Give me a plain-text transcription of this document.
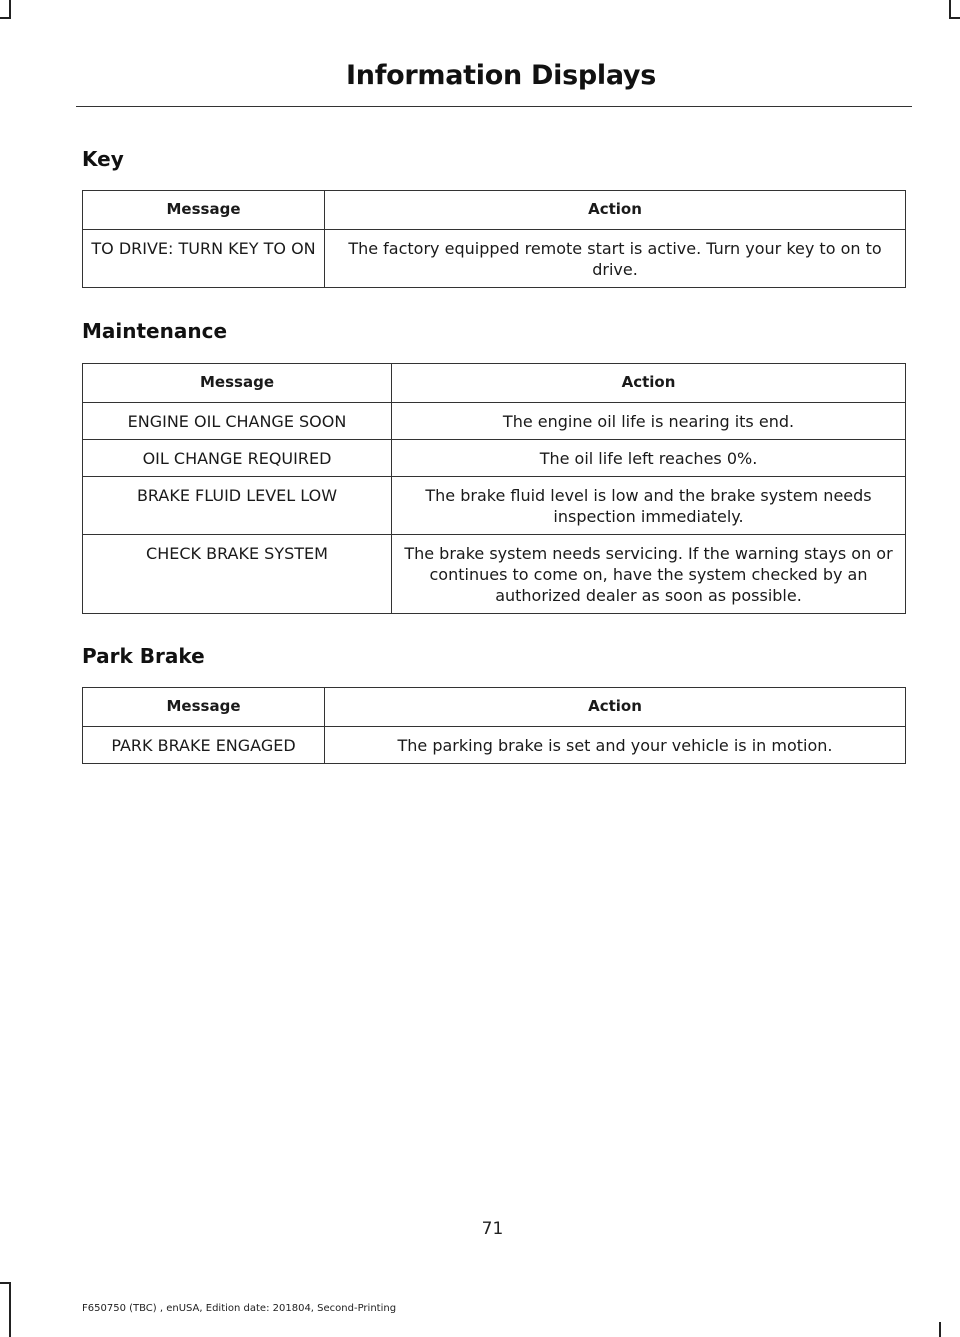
Information Displays
Key
Message	Action
TO DRIVE: TURN KEY TO ON	The factory equipped remote start is active. Turn your key to on to drive.
Maintenance
Message	Action
ENGINE OIL CHANGE SOON	The engine oil life is nearing its end.
OIL CHANGE REQUIRED	The oil life left reaches 0%.
BRAKE FLUID LEVEL LOW	The brake fluid level is low and the brake system needs inspection immediately.
CHECK BRAKE SYSTEM	The brake system needs servicing. If the warning stays on or continues to come on, have the system checked by an authorized dealer as soon as possible.
Park Brake
Message	Action
PARK BRAKE ENGAGED	The parking brake is set and your vehicle is in motion.
71
F650750 (TBC) , enUSA, Edition date: 201804, Second-Printing
